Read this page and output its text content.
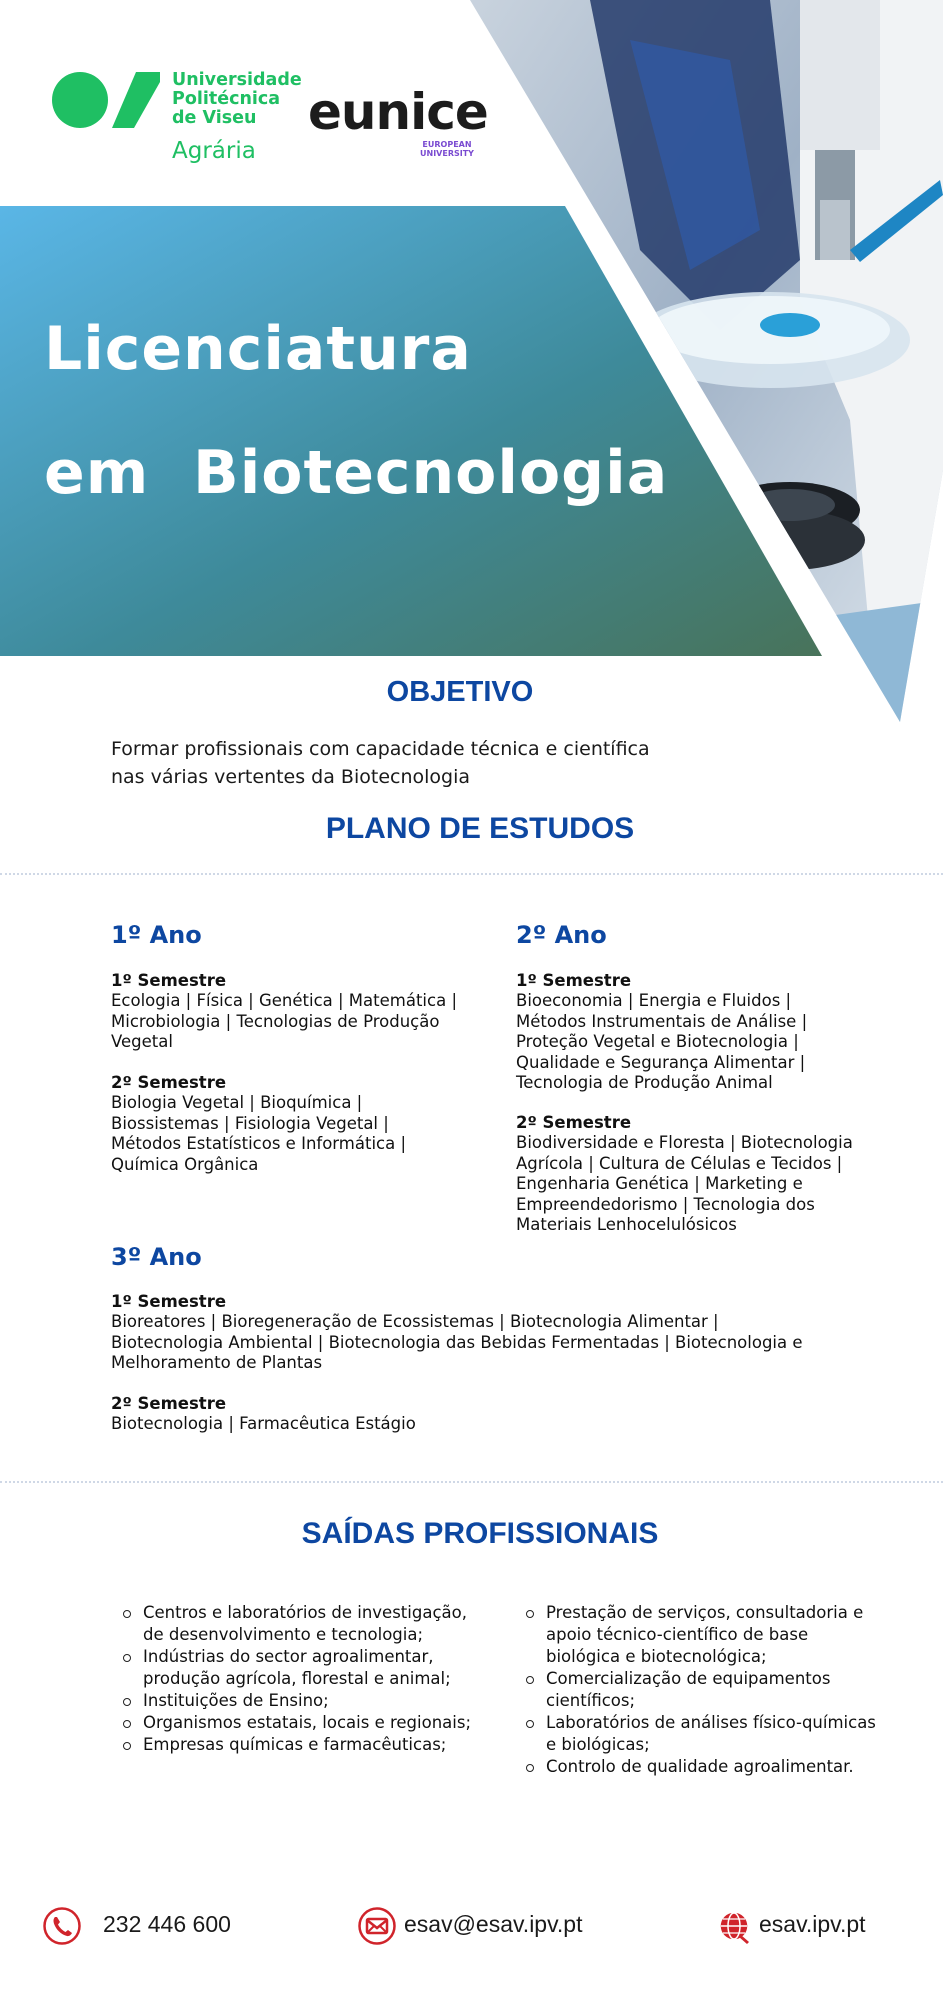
Universidade
Politécnica
de Viseu
Agrária
eunice
EUROPEAN
UNIVERSITY
Licenciatura
em  Biotecnologia
OBJETIVO
Formar profissionais com capacidade técnica e científica
nas várias vertentes da Biotecnologia
PLANO DE ESTUDOS
1º Ano
1º Semestre
Ecologia | Física | Genética | Matemática | Microbiologia | Tecnologias de Produção Vegetal
2º Semestre
Biologia Vegetal | Bioquímica | Biossistemas | Fisiologia Vegetal | Métodos Estatísticos e Informática | Química Orgânica
2º Ano
1º Semestre
Bioeconomia | Energia e Fluidos | Métodos Instrumentais de Análise | Proteção Vegetal e Biotecnologia | Qualidade e Segurança Alimentar | Tecnologia de Produção Animal
2º Semestre
Biodiversidade e Floresta | Biotecnologia Agrícola | Cultura de Células e Tecidos | Engenharia Genética | Marketing e Empreendedorismo | Tecnologia dos Materiais Lenhocelulósicos
3º Ano
1º Semestre
Bioreatores | Bioregeneração de Ecossistemas | Biotecnologia Alimentar | Biotecnologia Ambiental | Biotecnologia das Bebidas Fermentadas | Biotecnologia e Melhoramento de Plantas
2º Semestre
Biotecnologia | Farmacêutica Estágio
SAÍDAS PROFISSIONAIS
Centros e laboratórios de investigação, de desenvolvimento e tecnologia;
Indústrias do sector agroalimentar, produção agrícola, florestal e animal;
Instituições de Ensino;
Organismos estatais, locais e regionais;
Empresas químicas e farmacêuticas;
Prestação de serviços, consultadoria e apoio técnico-científico de base biológica e biotecnológica;
Comercialização de equipamentos científicos;
Laboratórios de análises físico-químicas e biológicas;
Controlo de qualidade agroalimentar.
232 446 600	esav@esav.ipv.pt	esav.ipv.pt
